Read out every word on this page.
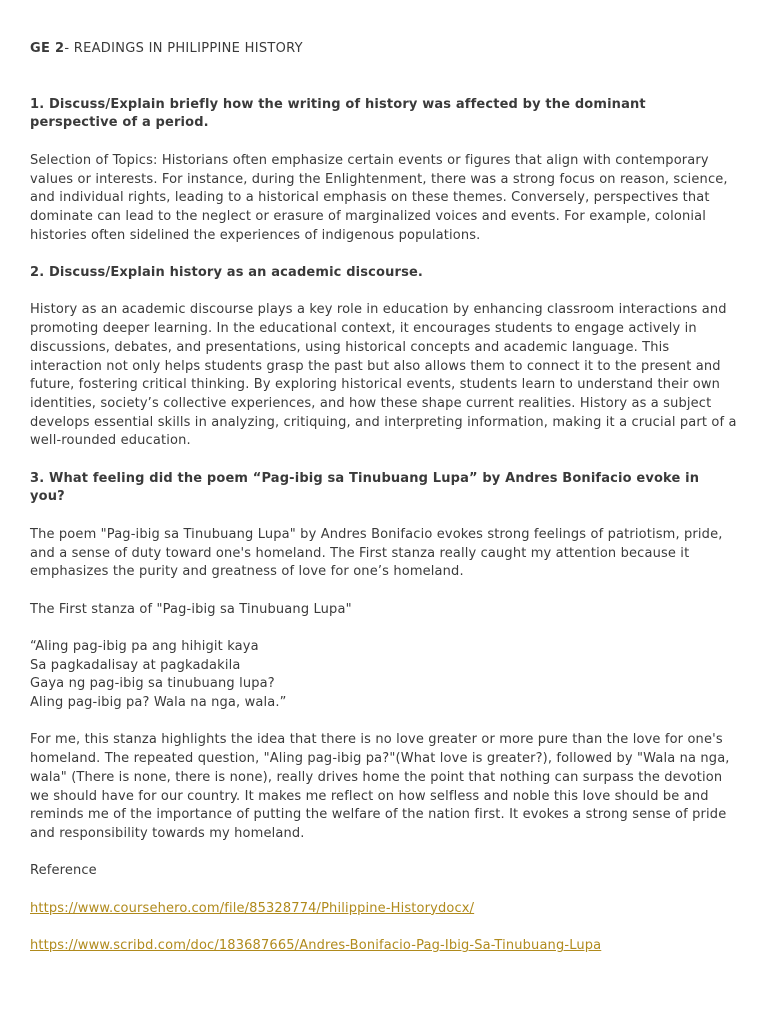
GE 2- READINGS IN PHILIPPINE HISTORY
1. Discuss/Explain briefly how the writing of history was affected by the dominant perspective of a period.
Selection of Topics: Historians often emphasize certain events or figures that align with contemporary values or interests. For instance, during the Enlightenment, there was a strong focus on reason, science, and individual rights, leading to a historical emphasis on these themes. Conversely, perspectives that dominate can lead to the neglect or erasure of marginalized voices and events. For example, colonial histories often sidelined the experiences of indigenous populations.
2. Discuss/Explain history as an academic discourse.
History as an academic discourse plays a key role in education by enhancing classroom interactions and promoting deeper learning. In the educational context, it encourages students to engage actively in discussions, debates, and presentations, using historical concepts and academic language. This interaction not only helps students grasp the past but also allows them to connect it to the present and future, fostering critical thinking. By exploring historical events, students learn to understand their own identities, society’s collective experiences, and how these shape current realities. History as a subject develops essential skills in analyzing, critiquing, and interpreting information, making it a crucial part of a well-rounded education.
3. What feeling did the poem “Pag-ibig sa Tinubuang Lupa” by Andres Bonifacio evoke in you?
The poem "Pag-ibig sa Tinubuang Lupa" by Andres Bonifacio evokes strong feelings of patriotism, pride, and a sense of duty toward one's homeland. The First stanza really caught my attention because it emphasizes the purity and greatness of love for one’s homeland.
The First stanza of "Pag-ibig sa Tinubuang Lupa"
“Aling pag-ibig pa ang hihigit kaya
Sa pagkadalisay at pagkadakila
Gaya ng pag-ibig sa tinubuang lupa?
Aling pag-ibig pa? Wala na nga, wala.”
For me, this stanza highlights the idea that there is no love greater or more pure than the love for one's homeland. The repeated question, "Aling pag-ibig pa?"(What love is greater?), followed by "Wala na nga, wala" (There is none, there is none), really drives home the point that nothing can surpass the devotion we should have for our country. It makes me reflect on how selfless and noble this love should be and reminds me of the importance of putting the welfare of the nation first. It evokes a strong sense of pride and responsibility towards my homeland.
Reference
https://www.coursehero.com/file/85328774/Philippine-Historydocx/
https://www.scribd.com/doc/183687665/Andres-Bonifacio-Pag-Ibig-Sa-Tinubuang-Lupa
